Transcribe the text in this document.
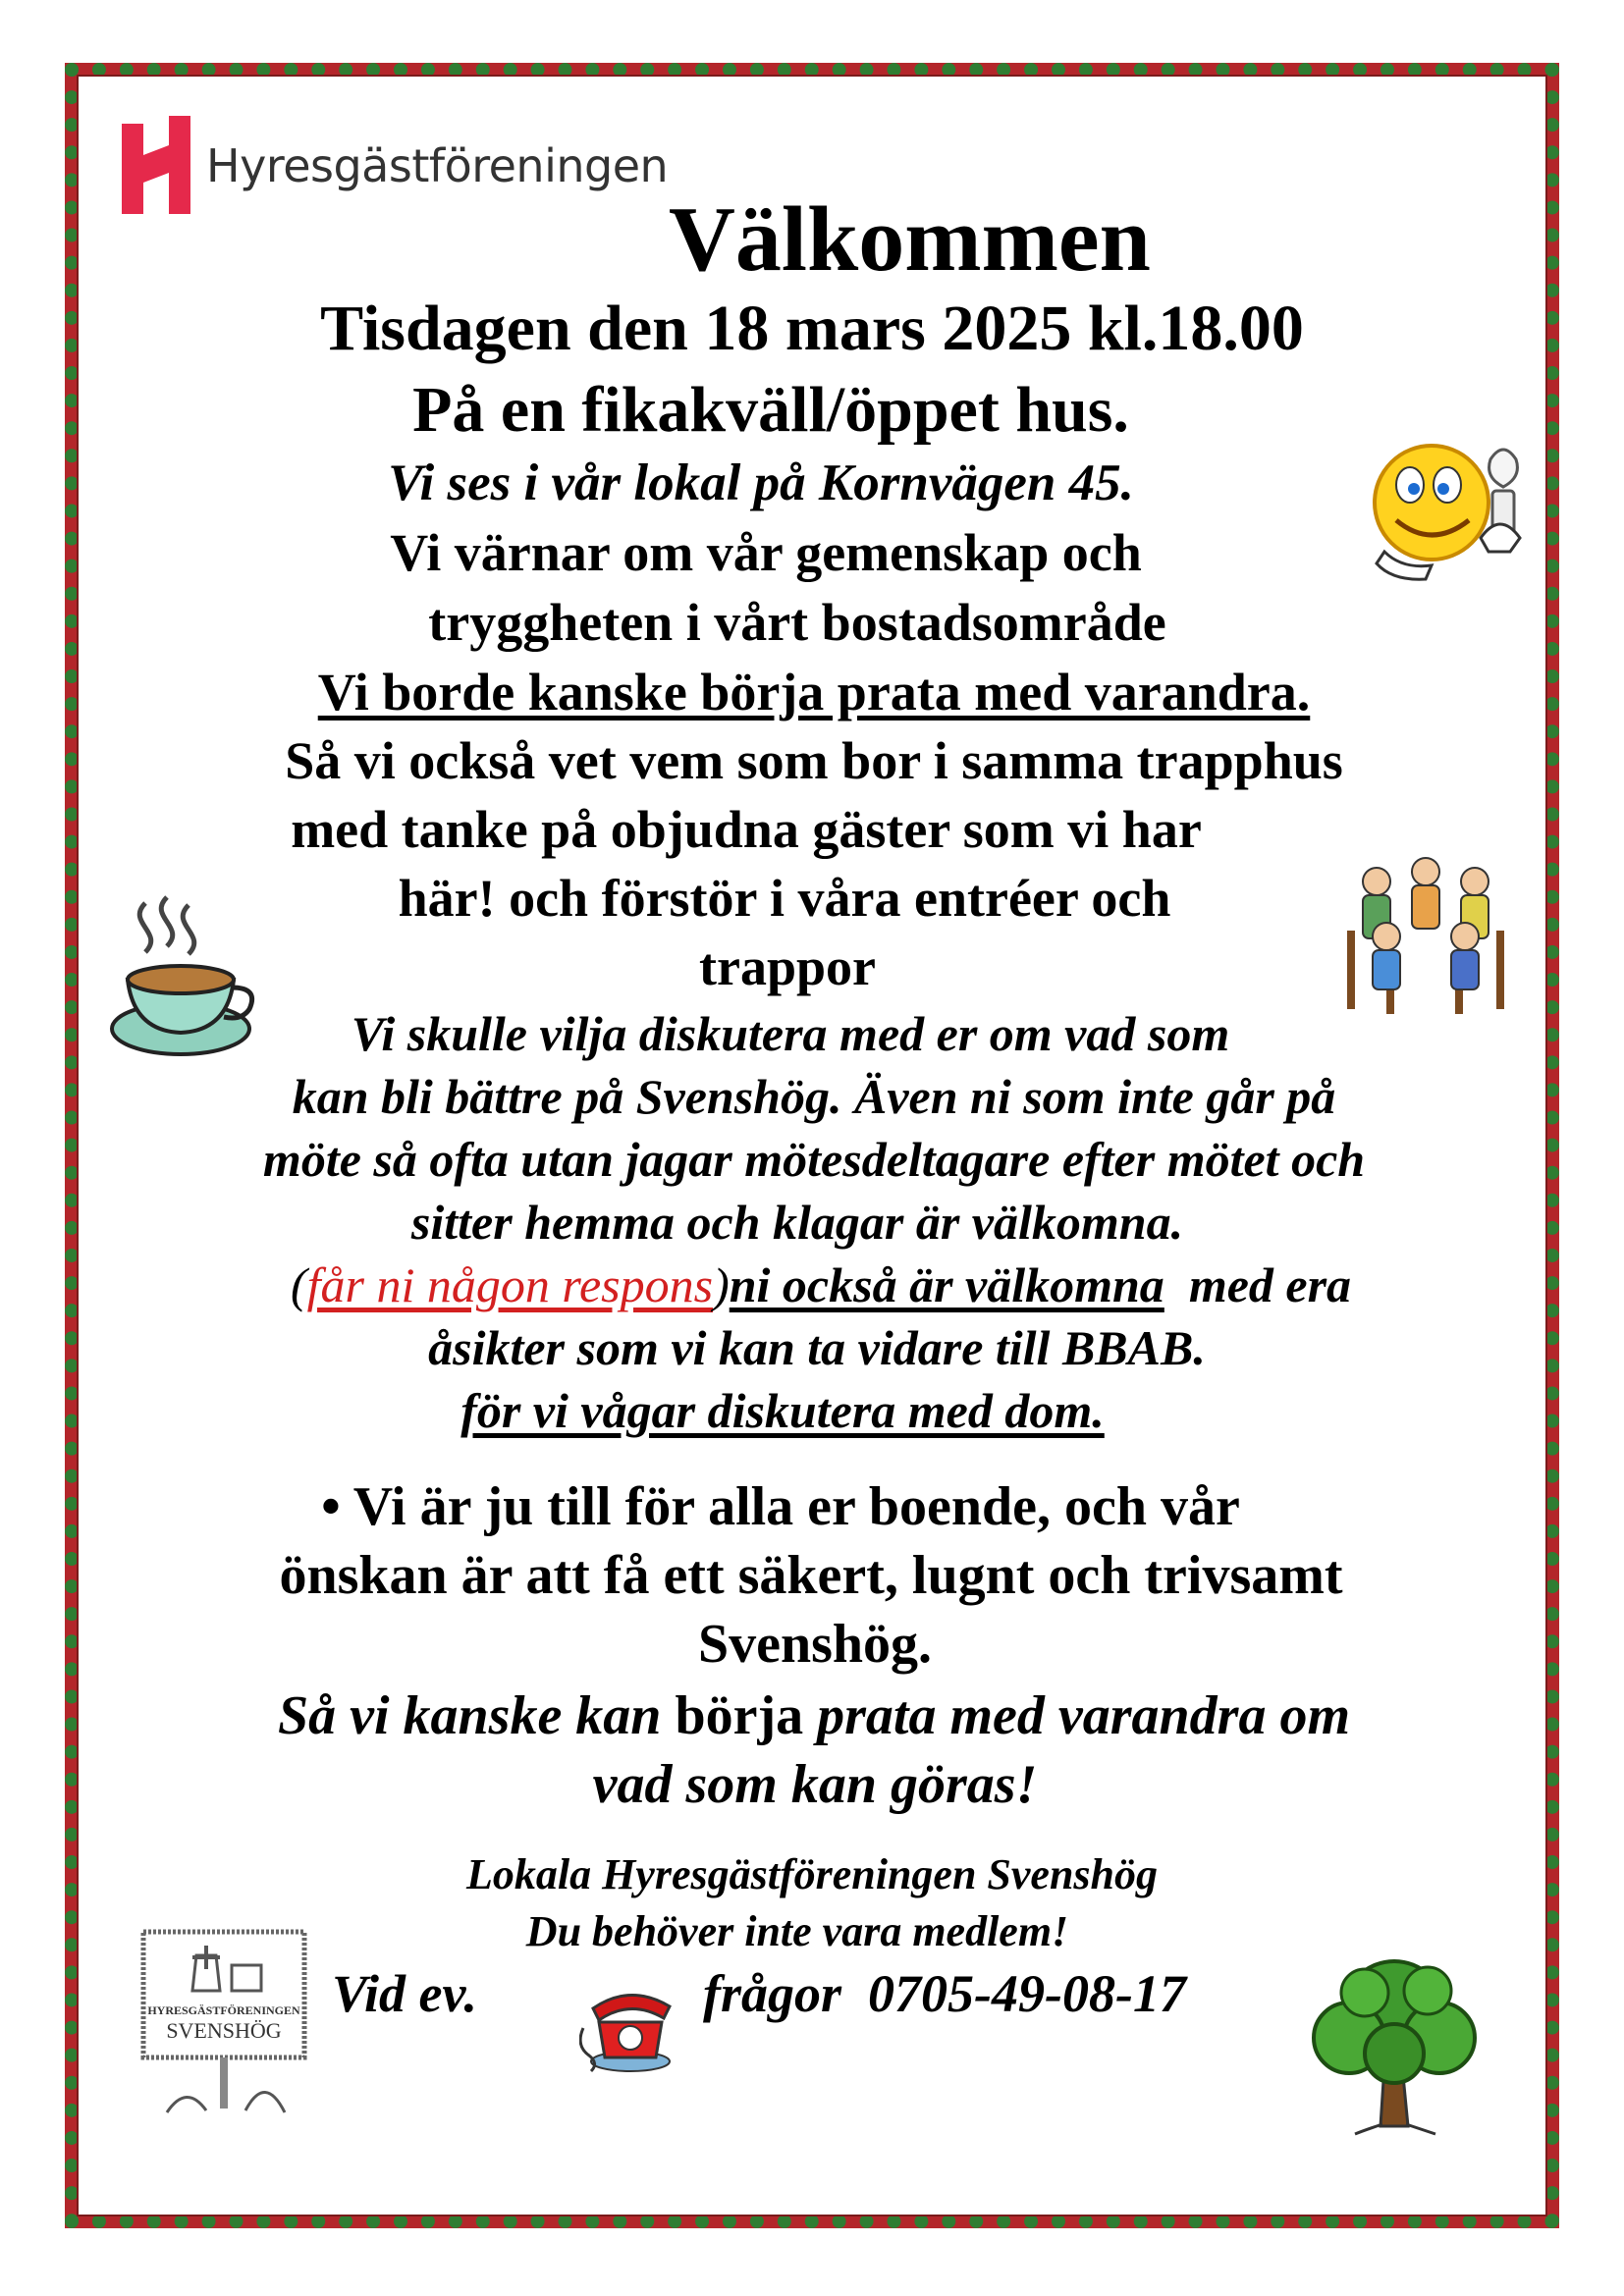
Hyresgästföreningen
Välkommen
Tisdagen den 18 mars 2025 kl.18.00
På en fikakväll/öppet hus.
Vi ses i vår lokal på Kornvägen 45.
Vi värnar om vår gemenskap och
tryggheten i vårt bostadsområde
Vi borde kanske börja prata med varandra.
Så vi också vet vem som bor i samma trapphus
med tanke på objudna gäster som vi har
här! och förstör i våra entréer och
trappor
Vi skulle vilja diskutera med er om vad som
kan bli bättre på Svenshög. Även ni som inte går på
möte så ofta utan jagar mötesdeltagare efter mötet och
sitter hemma och klagar är välkomna.
(får ni någon respons)ni också är välkomna  med era
åsikter som vi kan ta vidare till BBAB.
för vi vågar diskutera med dom.
• Vi är ju till för alla er boende, och vår
önskan är att få ett säkert, lugnt och trivsamt
Svenshög.
Så vi kanske kan börja prata med varandra om
vad som kan göras!
Lokala Hyresgästföreningen Svenshög
Du behöver inte vara medlem!
Vid ev.	frågor  0705-49-08-17
HYRESGÄSTFÖRENINGEN
SVENSHÖG
